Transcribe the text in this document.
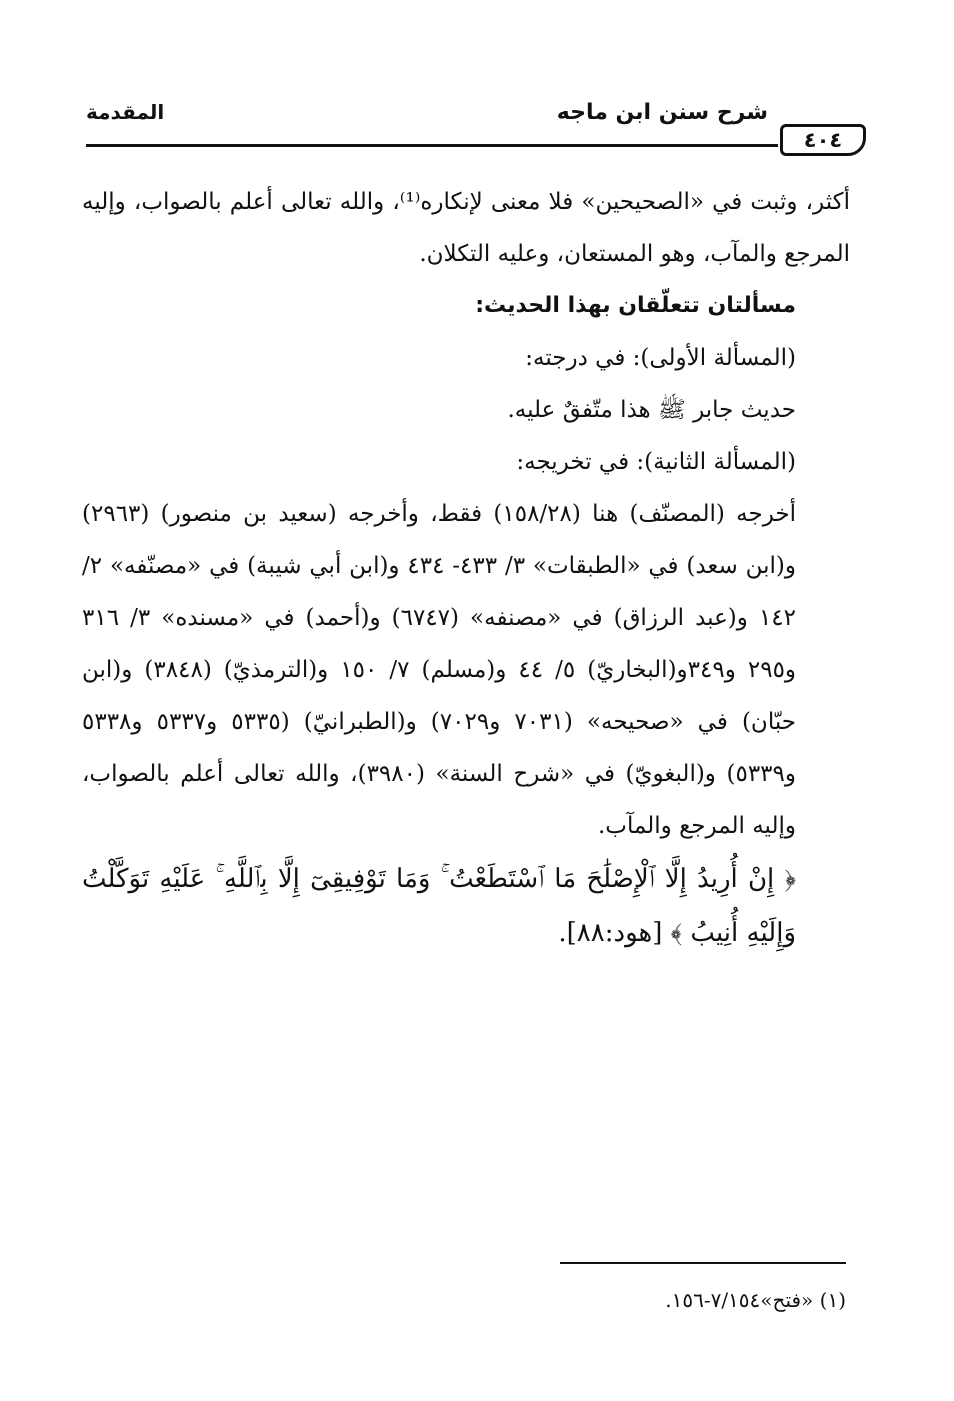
٤٠٤
شرح سنن ابن ماجه
المقدمة

أكثر، وثبت في «الصحيحين» فلا معنى لإنكاره⁽¹⁾، والله تعالى أعلم بالصواب، وإليه المرجع والمآب، وهو المستعان، وعليه التكلان.

مسألتان تتعلّقان بهذا الحديث:

(المسألة الأولى): في درجته:

حديث جابر ﷺ هذا متّفقٌ عليه.

(المسألة الثانية): في تخريجه:

أخرجه (المصنّف) هنا (١٥٨/٢٨) فقط، وأخرجه (سعيد بن منصور) (٢٩٦٣) و(ابن سعد) في «الطبقات» ٣/ ٤٣٣- ٤٣٤ و(ابن أبي شيبة) في «مصنّفه» ٢/ ١٤٢ و(عبد الرزاق) في «مصنفه» (٦٧٤٧) و(أحمد) في «مسنده» ٣/ ٣١٦ و٢٩٥ و٣٤٩و(البخاريّ) ٥/ ٤٤ و(مسلم) ٧/ ١٥٠ و(الترمذيّ) (٣٨٤٨) و(ابن حبّان) في «صحيحه» (٧٠٣١ و٧٠٢٩) و(الطبرانيّ) (٥٣٣٥ و٥٣٣٧ و٥٣٣٨ و٥٣٣٩) و(البغويّ) في «شرح السنة» (٣٩٨٠)، والله تعالى أعلم بالصواب، وإليه المرجع والمآب.

﴿ إِنْ أُرِيدُ إِلَّا ٱلْإِصْلَٰحَ مَا ٱسْتَطَعْتُ ۚ وَمَا تَوْفِيقِىٓ إِلَّا بِٱللَّهِ ۚ عَلَيْهِ تَوَكَّلْتُ وَإِلَيْهِ أُنِيبُ ﴾ [هود:٨٨].

(١) «فتح»٧/١٥٤-١٥٦.
